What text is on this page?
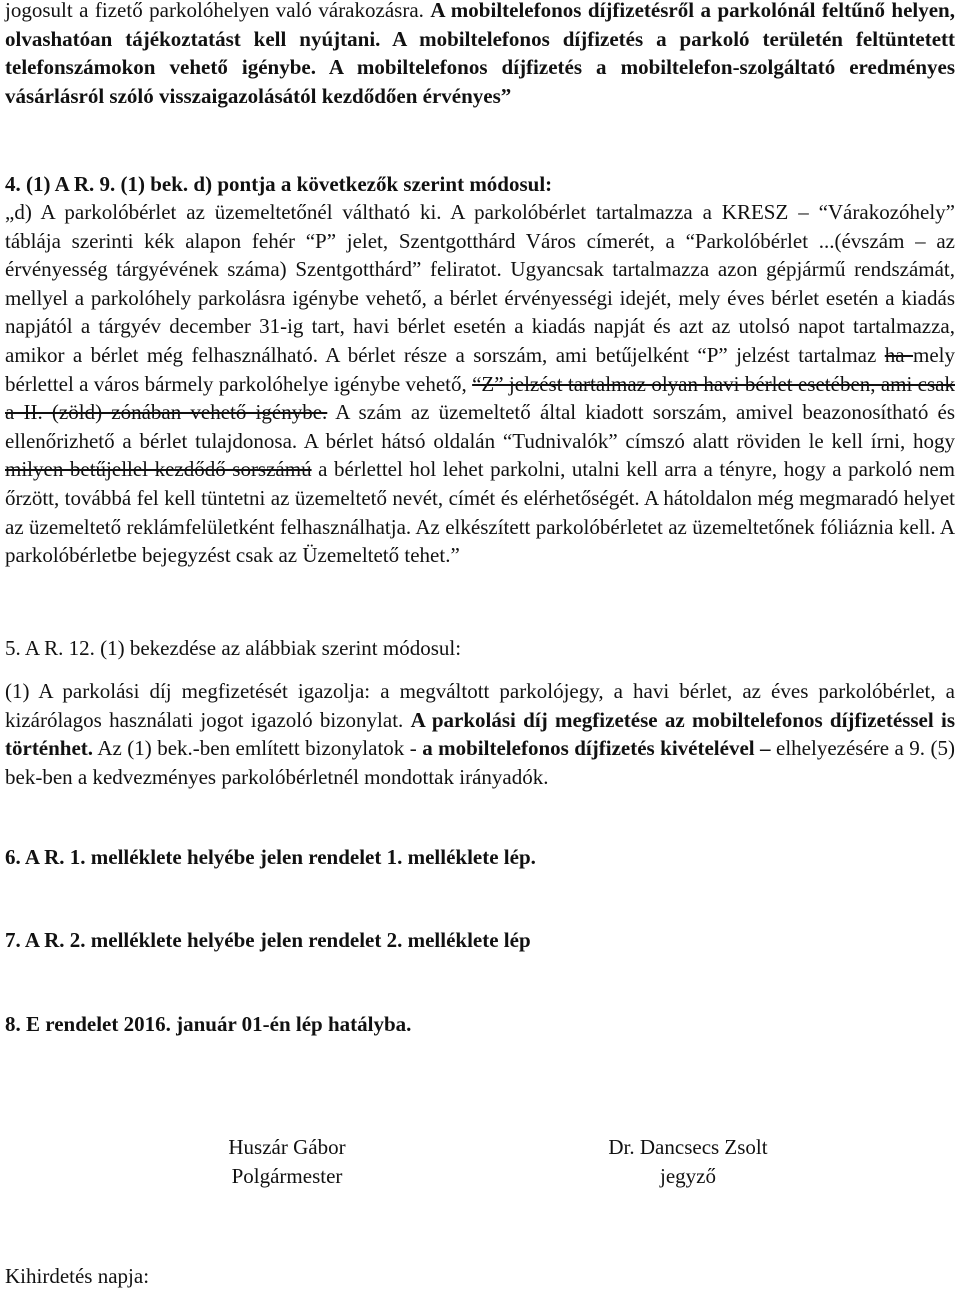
jogosult a fizető parkolóhelyen való várakozásra. A mobiltelefonos díjfizetésről a parkolónál feltűnő helyen, olvashatóan tájékoztatást kell nyújtani. A mobiltelefonos díjfizetés a parkoló területén feltüntetett telefonszámokon vehető igénybe. A mobiltelefonos díjfizetés a mobiltelefon-szolgáltató eredményes vásárlásról szóló visszaigazolásától kezdődően érvényes”

4. (1) A R. 9. (1) bek. d) pontja a következők szerint módosul:

„d) A parkolóbérlet az üzemeltetőnél váltható ki. A parkolóbérlet tartalmazza a KRESZ – “Várakozóhely” táblája szerinti kék alapon fehér “P” jelet, Szentgotthárd Város címerét, a “Parkolóbérlet ...(évszám – az érvényesség tárgyévének száma) Szentgotthárd” feliratot. Ugyancsak tartalmazza azon gépjármű rendszámát, mellyel a parkolóhely parkolásra igénybe vehető, a bérlet érvényességi idejét, mely éves bérlet esetén a kiadás napjától a tárgyév december 31-ig tart, havi bérlet esetén a kiadás napját és azt az utolsó napot tartalmazza, amikor a bérlet még felhasználható. A bérlet része a sorszám, ami betűjelként “P” jelzést tartalmaz ha mely bérlettel a város bármely parkolóhelye igénybe vehető, “Z” jelzést tartalmaz olyan havi bérlet esetében, ami csak a II. (zöld) zónában vehető igénybe. A szám az üzemeltető által kiadott sorszám, amivel beazonosítható és ellenőrizhető a bérlet tulajdonosa. A bérlet hátsó oldalán “Tudnivalók” címszó alatt röviden le kell írni, hogy milyen betűjellel kezdődő sorszámú a bérlettel hol lehet parkolni, utalni kell arra a tényre, hogy a parkoló nem őrzött, továbbá fel kell tüntetni az üzemeltető nevét, címét és elérhetőségét. A hátoldalon még megmaradó helyet az üzemeltető reklámfelületként felhasználhatja. Az elkészített parkolóbérletet az üzemeltetőnek fóliáznia kell. A parkolóbérletbe bejegyzést csak az Üzemeltető tehet.”

5. A R. 12. (1) bekezdése az alábbiak szerint módosul:

(1) A parkolási díj megfizetését igazolja: a megváltott parkolójegy, a havi bérlet, az éves parkolóbérlet, a kizárólagos használati jogot igazoló bizonylat. A parkolási díj megfizetése az mobiltelefonos díjfizetéssel is történhet. Az (1) bek.-ben említett bizonylatok - a mobiltelefonos díjfizetés kivételével – elhelyezésére a 9. (5) bek-ben a kedvezményes parkolóbérletnél mondottak irányadók.

6. A R. 1. melléklete helyébe jelen rendelet 1. melléklete lép.

7. A R. 2. melléklete helyébe jelen rendelet 2. melléklete lép

8. E rendelet 2016. január 01-én lép hatályba.

Huszár Gábor
Polgármester
Dr. Dancsecs Zsolt
jegyző

Kihirdetés napja:
